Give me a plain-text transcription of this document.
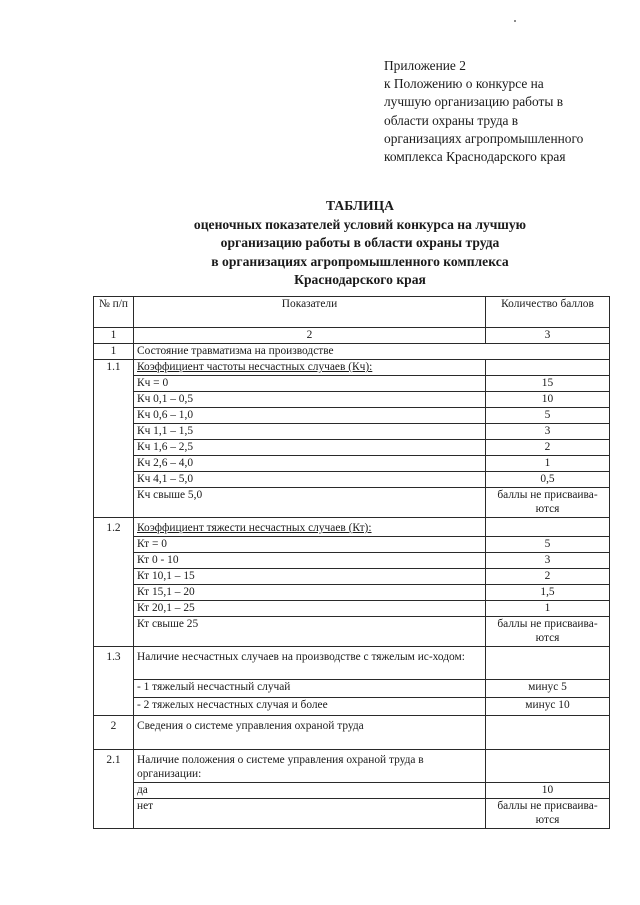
Приложение 2
к Положению о конкурсе на
лучшую организацию работы в
области охраны труда в
организациях агропромышленного
комплекса Краснодарского края
ТАБЛИЦА
оценочных показателей условий конкурса на лучшую
организацию работы в области охраны труда
в организациях агропромышленного комплекса
Краснодарского края
№ п/п	Показатели	Количество баллов
1	2	3
1	Состояние травматизма на производстве	
1.1	Коэффициент частоты несчастных случаев (Кч):	
	Кч = 0	15
	Кч 0,1 – 0,5	10
	Кч 0,6 – 1,0	5
	Кч 1,1 – 1,5	3
	Кч 1,6 – 2,5	2
	Кч 2,6 – 4,0	1
	Кч 4,1 – 5,0	0,5
	Кч свыше 5,0	баллы не присваива-ются
1.2	Коэффициент тяжести несчастных случаев (Кт):	
	Кт = 0	5
	Кт 0 - 10	3
	Кт 10,1 – 15	2
	Кт 15,1 – 20	1,5
	Кт 20,1 – 25	1
	Кт свыше 25	баллы не присваива-ются
1.3	Наличие несчастных случаев на производстве с тяжелым ис-ходом:	
	- 1 тяжелый несчастный случай	минус 5
	- 2 тяжелых несчастных случая и более	минус 10
2	Сведения о системе управления охраной труда	
2.1	Наличие положения о системе управления охраной труда в организации:	
	да	10
	нет	баллы не присваива-ются
